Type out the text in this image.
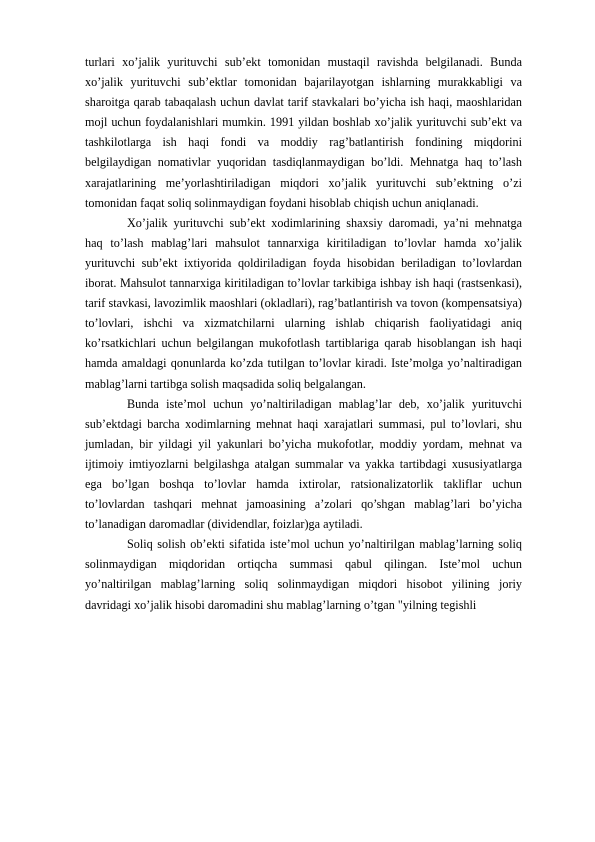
turlari xo’jalik yurituvchi sub’ekt tomonidan mustaqil ravishda belgilanadi. Bunda xo’jalik yurituvchi sub’ektlar tomonidan bajarilayotgan ishlarning murakkabligi va sharoitga qarab tabaqalash uchun davlat tarif stavkalari bo’yicha ish haqi, maoshlaridan mojl uchun foydalanishlari mumkin. 1991 yildan boshlab xo’jalik yurituvchi sub’ekt va tashkilotlarga ish haqi fondi va moddiy rag’batlantirish fondining miqdorini belgilaydigan nomativlar yuqoridan tasdiqlanmaydigan bo’ldi. Mehnatga haq to’lash xarajatlarining me’yorlashtiriladigan miqdori xo’jalik yurituvchi sub’ektning o’zi tomonidan faqat soliq solinmaydigan foydani hisoblab chiqish uchun aniqlanadi.

Xo’jalik yurituvchi sub’ekt xodimlarining shaxsiy daromadi, ya’ni mehnatga haq to’lash mablag’lari mahsulot tannarxiga kiritiladigan to’lovlar hamda xo’jalik yurituvchi sub’ekt ixtiyorida qoldiriladigan foyda hisobidan beriladigan to’lovlardan iborat. Mahsulot tannarxiga kiritiladigan to’lovlar tarkibiga ishbay ish haqi (rastsenkasi), tarif stavkasi, lavozimlik maoshlari (okladlari), rag’batlantirish va tovon (kompensatsiya) to’lovlari, ishchi va xizmatchilarni ularning ishlab chiqarish faoliyatidagi aniq ko’rsatkichlari uchun belgilangan mukofotlash tartiblariga qarab hisoblangan ish haqi hamda amaldagi qonunlarda ko’zda tutilgan to’lovlar kiradi. Iste’molga yo’naltiradigan mablag’larni tartibga solish maqsadida soliq belgalangan.

Bunda iste’mol uchun yo’naltiriladigan mablag’lar deb, xo’jalik yurituvchi sub’ektdagi barcha xodimlarning mehnat haqi xarajatlari summasi, pul to’lovlari, shu jumladan, bir yildagi yil yakunlari bo’yicha mukofotlar, moddiy yordam, mehnat va ijtimoiy imtiyozlarni belgilashga atalgan summalar va yakka tartibdagi xususiyatlarga ega bo’lgan boshqa to’lovlar hamda ixtirolar, ratsionalizatorlik takliflar uchun to’lovlardan tashqari mehnat jamoasining a’zolari qo’shgan mablag’lari bo’yicha to’lanadigan daromadlar (dividendlar, foizlar)ga aytiladi.

Soliq solish ob’ekti sifatida iste’mol uchun yo’naltirilgan mablag’larning soliq solinmaydigan miqdoridan ortiqcha summasi qabul qilingan. Iste’mol uchun yo’naltirilgan mablag’larning soliq solinmaydigan miqdori hisobot yilining joriy davridagi xo’jalik hisobi daromadini shu mablag’larning o’tgan "yilning tegishli
